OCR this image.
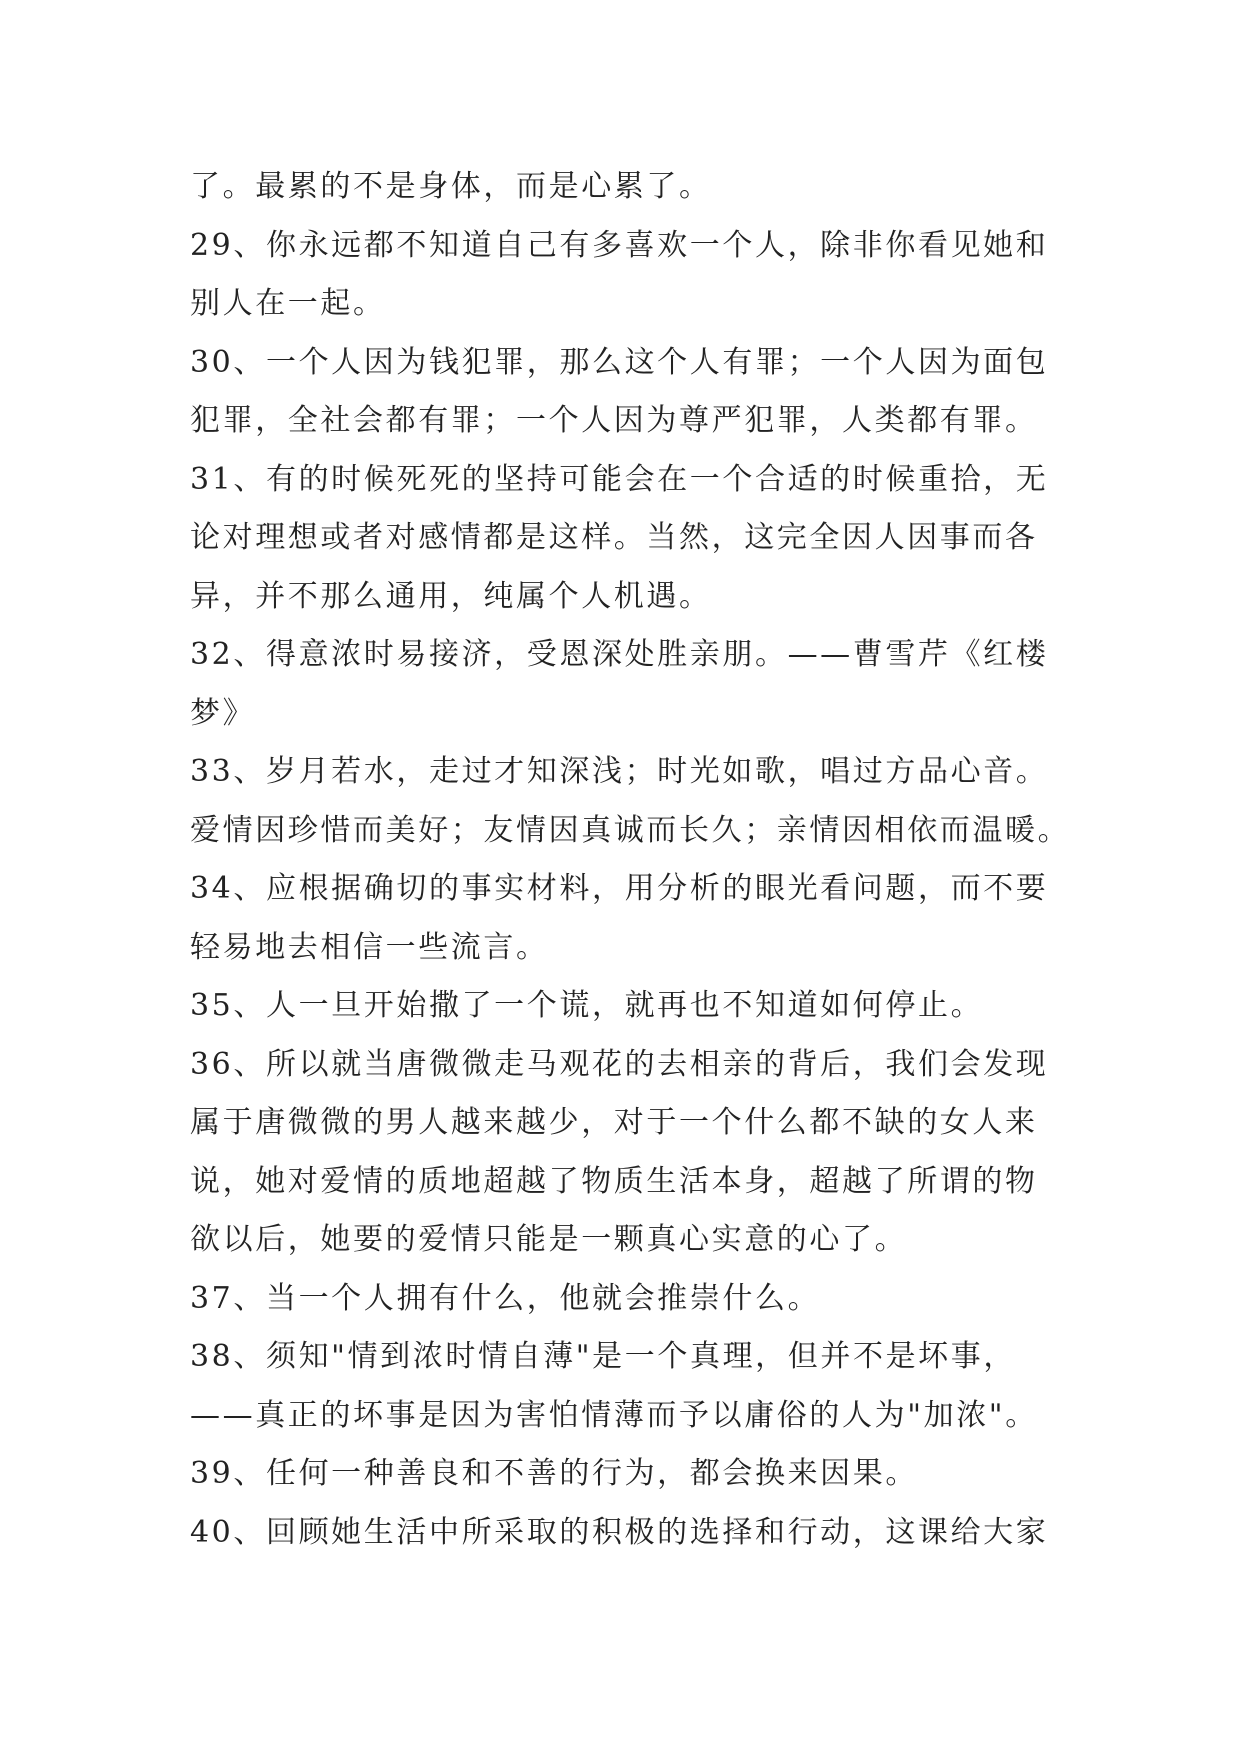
了。最累的不是身体，而是心累了。
29、你永远都不知道自己有多喜欢一个人，除非你看见她和
别人在一起。
30、一个人因为钱犯罪，那么这个人有罪；一个人因为面包
犯罪，全社会都有罪；一个人因为尊严犯罪，人类都有罪。
31、有的时候死死的坚持可能会在一个合适的时候重拾，无
论对理想或者对感情都是这样。当然，这完全因人因事而各
异，并不那么通用，纯属个人机遇。
32、得意浓时易接济，受恩深处胜亲朋。——曹雪芹《红楼
梦》
33、岁月若水，走过才知深浅；时光如歌，唱过方品心音。
爱情因珍惜而美好；友情因真诚而长久；亲情因相依而温暖。
34、应根据确切的事实材料，用分析的眼光看问题，而不要
轻易地去相信一些流言。
35、人一旦开始撒了一个谎，就再也不知道如何停止。
36、所以就当唐微微走马观花的去相亲的背后，我们会发现
属于唐微微的男人越来越少，对于一个什么都不缺的女人来
说，她对爱情的质地超越了物质生活本身，超越了所谓的物
欲以后，她要的爱情只能是一颗真心实意的心了。
37、当一个人拥有什么，他就会推崇什么。
38、须知"情到浓时情自薄"是一个真理，但并不是坏事，
——真正的坏事是因为害怕情薄而予以庸俗的人为"加浓"。
39、任何一种善良和不善的行为，都会换来因果。
40、回顾她生活中所采取的积极的选择和行动，这课给大家
